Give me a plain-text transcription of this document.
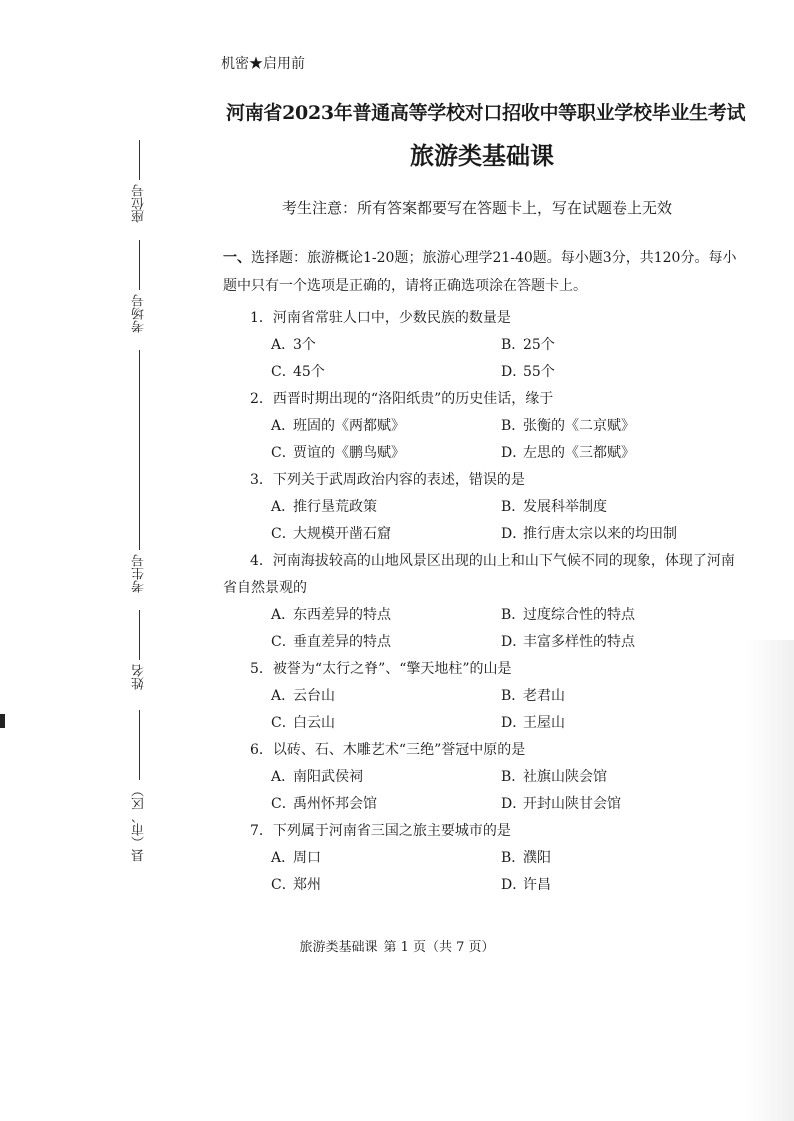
座位号
考场号
考生号
姓名
县（市、区）
机密★启用前
河南省2023年普通高等学校对口招收中等职业学校毕业生考试
旅游类基础课
考生注意：所有答案都要写在答题卡上，写在试题卷上无效
一、选择题：旅游概论1-20题；旅游心理学21-40题。每小题3分，共120分。每小题中只有一个选项是正确的，请将正确选项涂在答题卡上。
1．河南省常驻人口中，少数民族的数量是
A．3个	B．25个
C．45个	D．55个
2．西晋时期出现的“洛阳纸贵”的历史佳话，缘于
A．班固的《两都赋》	B．张衡的《二京赋》
C．贾谊的《鹏鸟赋》	D．左思的《三都赋》
3．下列关于武周政治内容的表述，错误的是
A．推行垦荒政策	B．发展科举制度
C．大规模开凿石窟	D．推行唐太宗以来的均田制
4．河南海拔较高的山地风景区出现的山上和山下气候不同的现象，体现了河南省自然景观的
A．东西差异的特点	B．过度综合性的特点
C．垂直差异的特点	D．丰富多样性的特点
5．被誉为“太行之脊”、“擎天地柱”的山是
A．云台山	B．老君山
C．白云山	D．王屋山
6．以砖、石、木雕艺术“三绝”誉冠中原的是
A．南阳武侯祠	B．社旗山陕会馆
C．禹州怀邦会馆	D．开封山陕甘会馆
7．下列属于河南省三国之旅主要城市的是
A．周口	B．濮阳
C．郑州	D．许昌
旅游类基础课 第 1 页（共 7 页）
